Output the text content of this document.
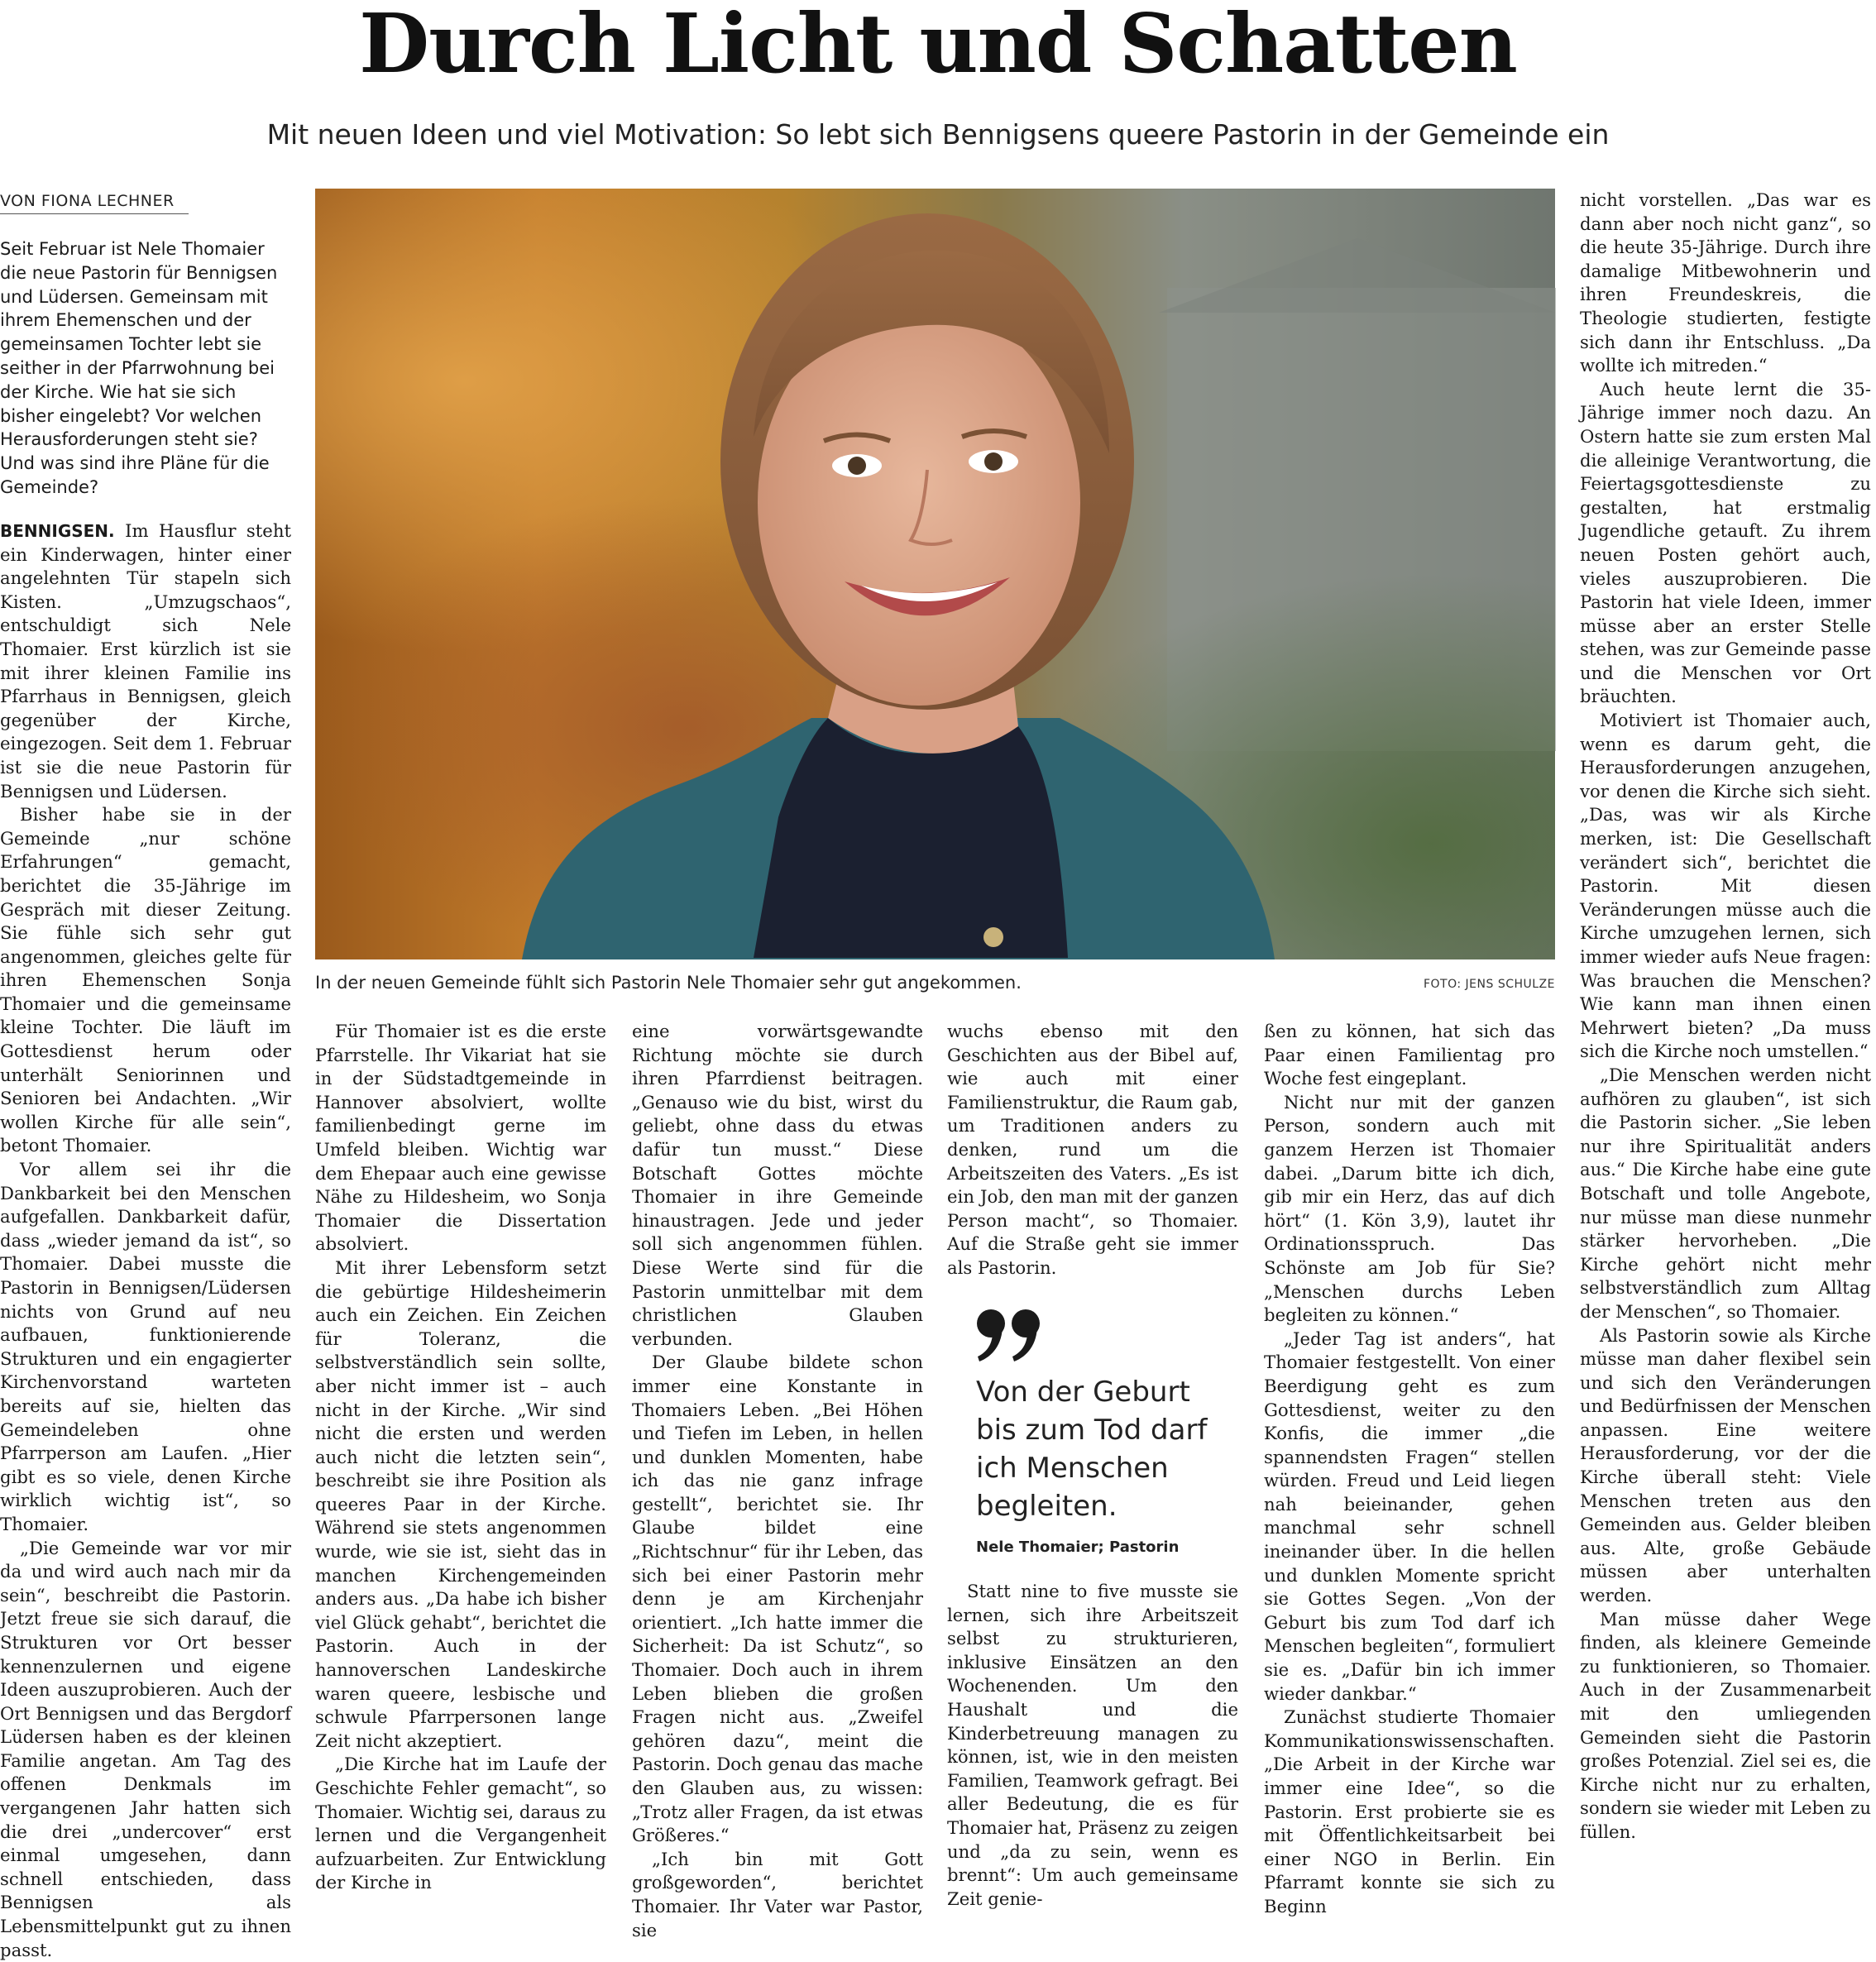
Durch Licht und Schatten
Mit neuen Ideen und viel Motivation: So lebt sich Bennigsens queere Pastorin in der Gemeinde ein
VON FIONA LECHNER
Seit Februar ist Nele Thomaier die neue Pastorin für Bennigsen und Lüdersen. Gemeinsam mit ihrem Ehemenschen und der gemeinsamen Tochter lebt sie seither in der Pfarrwohnung bei der Kirche. Wie hat sie sich bisher eingelebt? Vor welchen Herausforderungen steht sie? Und was sind ihre Pläne für die Gemeinde?

BENNIGSEN. Im Hausflur steht ein Kinderwagen, hinter einer angelehnten Tür stapeln sich Kisten. „Umzugschaos“, entschuldigt sich Nele Thomaier. Erst kürzlich ist sie mit ihrer kleinen Familie ins Pfarrhaus in Bennigsen, gleich gegenüber der Kirche, eingezogen. Seit dem 1. Februar ist sie die neue Pastorin für Bennigsen und Lüdersen.

Bisher habe sie in der Gemeinde „nur schöne Erfahrungen“ gemacht, berichtet die 35-Jährige im Gespräch mit dieser Zeitung. Sie fühle sich sehr gut angenommen, gleiches gelte für ihren Ehemenschen Sonja Thomaier und die gemeinsame kleine Tochter. Die läuft im Gottesdienst herum oder unterhält Seniorinnen und Senioren bei Andachten. „Wir wollen Kirche für alle sein“, betont Thomaier.

Vor allem sei ihr die Dankbarkeit bei den Menschen aufgefallen. Dankbarkeit dafür, dass „wieder jemand da ist“, so Thomaier. Dabei musste die Pastorin in Bennigsen/Lüdersen nichts von Grund auf neu aufbauen, funktionierende Strukturen und ein engagierter Kirchenvorstand warteten bereits auf sie, hielten das Gemeindeleben ohne Pfarrperson am Laufen. „Hier gibt es so viele, denen Kirche wirklich wichtig ist“, so Thomaier.

„Die Gemeinde war vor mir da und wird auch nach mir da sein“, beschreibt die Pastorin. Jetzt freue sie sich darauf, die Strukturen vor Ort besser kennenzulernen und eigene Ideen auszuprobieren. Auch der Ort Bennigsen und das Bergdorf Lüdersen haben es der kleinen Familie angetan. Am Tag des offenen Denkmals im vergangenen Jahr hatten sich die drei „undercover“ erst einmal umgesehen, dann schnell entschieden, dass Bennigsen als Lebensmittelpunkt gut zu ihnen passt.

In der neuen Gemeinde fühlt sich Pastorin Nele Thomaier sehr gut angekommen.	FOTO: JENS SCHULZE

Für Thomaier ist es die erste Pfarrstelle. Ihr Vikariat hat sie in der Südstadtgemeinde in Hannover absolviert, wollte familienbedingt gerne im Umfeld bleiben. Wichtig war dem Ehepaar auch eine gewisse Nähe zu Hildesheim, wo Sonja Thomaier die Dissertation absolviert.

Mit ihrer Lebensform setzt die gebürtige Hildesheimerin auch ein Zeichen. Ein Zeichen für Toleranz, die selbstverständlich sein sollte, aber nicht immer ist – auch nicht in der Kirche. „Wir sind nicht die ersten und werden auch nicht die letzten sein“, beschreibt sie ihre Position als queeres Paar in der Kirche. Während sie stets angenommen wurde, wie sie ist, sieht das in manchen Kirchengemeinden anders aus. „Da habe ich bisher viel Glück gehabt“, berichtet die Pastorin. Auch in der hannoverschen Landeskirche waren queere, lesbische und schwule Pfarrpersonen lange Zeit nicht akzeptiert.

„Die Kirche hat im Laufe der Geschichte Fehler gemacht“, so Thomaier. Wichtig sei, daraus zu lernen und die Vergangenheit aufzuarbeiten. Zur Entwicklung der Kirche in

eine vorwärtsgewandte Richtung möchte sie durch ihren Pfarrdienst beitragen. „Genauso wie du bist, wirst du geliebt, ohne dass du etwas dafür tun musst.“ Diese Botschaft Gottes möchte Thomaier in ihre Gemeinde hinaustragen. Jede und jeder soll sich angenommen fühlen. Diese Werte sind für die Pastorin unmittelbar mit dem christlichen Glauben verbunden.

Der Glaube bildete schon immer eine Konstante in Thomaiers Leben. „Bei Höhen und Tiefen im Leben, in hellen und dunklen Momenten, habe ich das nie ganz infrage gestellt“, berichtet sie. Ihr Glaube bildet eine „Richtschnur“ für ihr Leben, das sich bei einer Pastorin mehr denn je am Kirchenjahr orientiert. „Ich hatte immer die Sicherheit: Da ist Schutz“, so Thomaier. Doch auch in ihrem Leben blieben die großen Fragen nicht aus. „Zweifel gehören dazu“, meint die Pastorin. Doch genau das mache den Glauben aus, zu wissen: „Trotz aller Fragen, da ist etwas Größeres.“

„Ich bin mit Gott großgeworden“, berichtet Thomaier. Ihr Vater war Pastor, sie

wuchs ebenso mit den Geschichten aus der Bibel auf, wie auch mit einer Familienstruktur, die Raum gab, um Traditionen anders zu denken, rund um die Arbeitszeiten des Vaters. „Es ist ein Job, den man mit der ganzen Person macht“, so Thomaier. Auf die Straße geht sie immer als Pastorin.

Von der Geburt bis zum Tod darf ich Menschen begleiten.
Nele Thomaier; Pastorin

Statt nine to five musste sie lernen, sich ihre Arbeitszeit selbst zu strukturieren, inklusive Einsätzen an den Wochenenden. Um den Haushalt und die Kinderbetreuung managen zu können, ist, wie in den meisten Familien, Teamwork gefragt. Bei aller Bedeutung, die es für Thomaier hat, Präsenz zu zeigen und „da zu sein, wenn es brennt“: Um auch gemeinsame Zeit genie-

ßen zu können, hat sich das Paar einen Familientag pro Woche fest eingeplant.

Nicht nur mit der ganzen Person, sondern auch mit ganzem Herzen ist Thomaier dabei. „Darum bitte ich dich, gib mir ein Herz, das auf dich hört“ (1. Kön 3,9), lautet ihr Ordinationsspruch. Das Schönste am Job für Sie? „Menschen durchs Leben begleiten zu können.“

„Jeder Tag ist anders“, hat Thomaier festgestellt. Von einer Beerdigung geht es zum Gottesdienst, weiter zu den Konfis, die immer „die spannendsten Fragen“ stellen würden. Freud und Leid liegen nah beieinander, gehen manchmal sehr schnell ineinander über. In die hellen und dunklen Momente spricht sie Gottes Segen. „Von der Geburt bis zum Tod darf ich Menschen begleiten“, formuliert sie es. „Dafür bin ich immer wieder dankbar.“

Zunächst studierte Thomaier Kommunikationswissenschaften. „Die Arbeit in der Kirche war immer eine Idee“, so die Pastorin. Erst probierte sie es mit Öffentlichkeitsarbeit bei einer NGO in Berlin. Ein Pfarramt konnte sie sich zu Beginn

nicht vorstellen. „Das war es dann aber noch nicht ganz“, so die heute 35-Jährige. Durch ihre damalige Mitbewohnerin und ihren Freundeskreis, die Theologie studierten, festigte sich dann ihr Entschluss. „Da wollte ich mitreden.“

Auch heute lernt die 35-Jährige immer noch dazu. An Ostern hatte sie zum ersten Mal die alleinige Verantwortung, die Feiertagsgottesdienste zu gestalten, hat erstmalig Jugendliche getauft. Zu ihrem neuen Posten gehört auch, vieles auszuprobieren. Die Pastorin hat viele Ideen, immer müsse aber an erster Stelle stehen, was zur Gemeinde passe und die Menschen vor Ort bräuchten.

Motiviert ist Thomaier auch, wenn es darum geht, die Herausforderungen anzugehen, vor denen die Kirche sich sieht. „Das, was wir als Kirche merken, ist: Die Gesellschaft verändert sich“, berichtet die Pastorin. Mit diesen Veränderungen müsse auch die Kirche umzugehen lernen, sich immer wieder aufs Neue fragen: Was brauchen die Menschen? Wie kann man ihnen einen Mehrwert bieten? „Da muss sich die Kirche noch umstellen.“

„Die Menschen werden nicht aufhören zu glauben“, ist sich die Pastorin sicher. „Sie leben nur ihre Spiritualität anders aus.“ Die Kirche habe eine gute Botschaft und tolle Angebote, nur müsse man diese nunmehr stärker hervorheben. „Die Kirche gehört nicht mehr selbstverständlich zum Alltag der Menschen“, so Thomaier.

Als Pastorin sowie als Kirche müsse man daher flexibel sein und sich den Veränderungen und Bedürfnissen der Menschen anpassen. Eine weitere Herausforderung, vor der die Kirche überall steht: Viele Menschen treten aus den Gemeinden aus. Gelder bleiben aus. Alte, große Gebäude müssen aber unterhalten werden.

Man müsse daher Wege finden, als kleinere Gemeinde zu funktionieren, so Thomaier. Auch in der Zusammenarbeit mit den umliegenden Gemeinden sieht die Pastorin großes Potenzial. Ziel sei es, die Kirche nicht nur zu erhalten, sondern sie wieder mit Leben zu füllen.
